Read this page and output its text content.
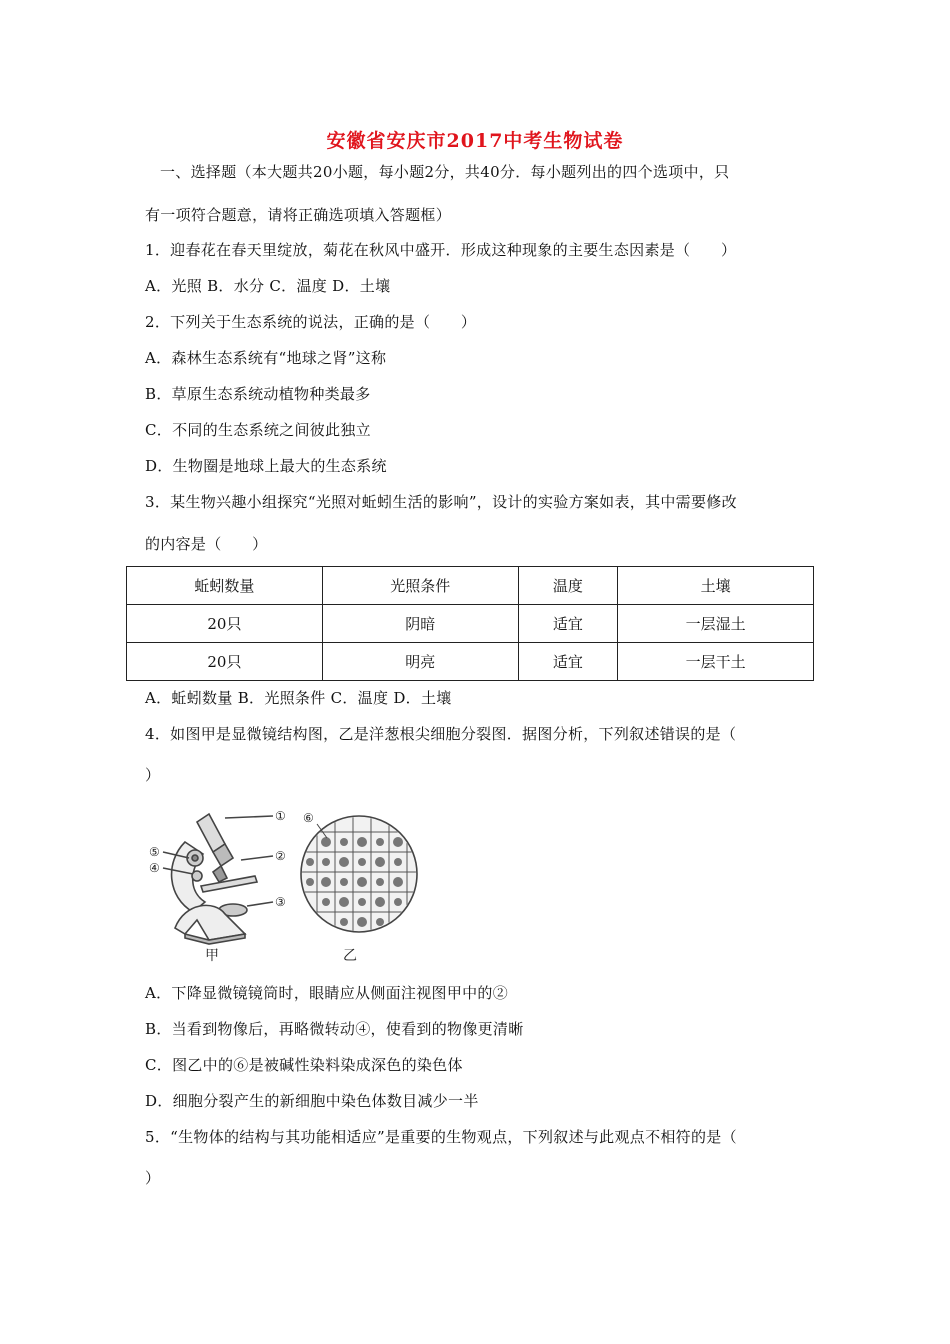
安徽省安庆市2017中考生物试卷
一、选择题（本大题共20小题，每小题2分，共40分．每小题列出的四个选项中，只
有一项符合题意，请将正确选项填入答题框）
1．迎春花在春天里绽放，菊花在秋风中盛开．形成这种现象的主要生态因素是（　　）
A．光照 B．水分 C．温度 D．土壤
2．下列关于生态系统的说法，正确的是（　　）
A．森林生态系统有“地球之肾”这称
B．草原生态系统动植物种类最多
C．不同的生态系统之间彼此独立
D．生物圈是地球上最大的生态系统
3．某生物兴趣小组探究“光照对蚯蚓生活的影响”，设计的实验方案如表，其中需要修改
的内容是（　　）
蚯蚓数量	光照条件	温度	土壤
20只	阴暗	适宜	一层湿土
20只	明亮	适宜	一层干土
A．蚯蚓数量 B．光照条件 C．温度 D．土壤
4．如图甲是显微镜结构图，乙是洋葱根尖细胞分裂图．据图分析，下列叙述错误的是（
）
①
②
③
⑤
④
甲
⑥
乙
A．下降显微镜镜筒时，眼睛应从侧面注视图甲中的②
B．当看到物像后，再略微转动④，使看到的物像更清晰
C．图乙中的⑥是被碱性染料染成深色的染色体
D．细胞分裂产生的新细胞中染色体数目减少一半
5．“生物体的结构与其功能相适应”是重要的生物观点，下列叙述与此观点不相符的是（
）
